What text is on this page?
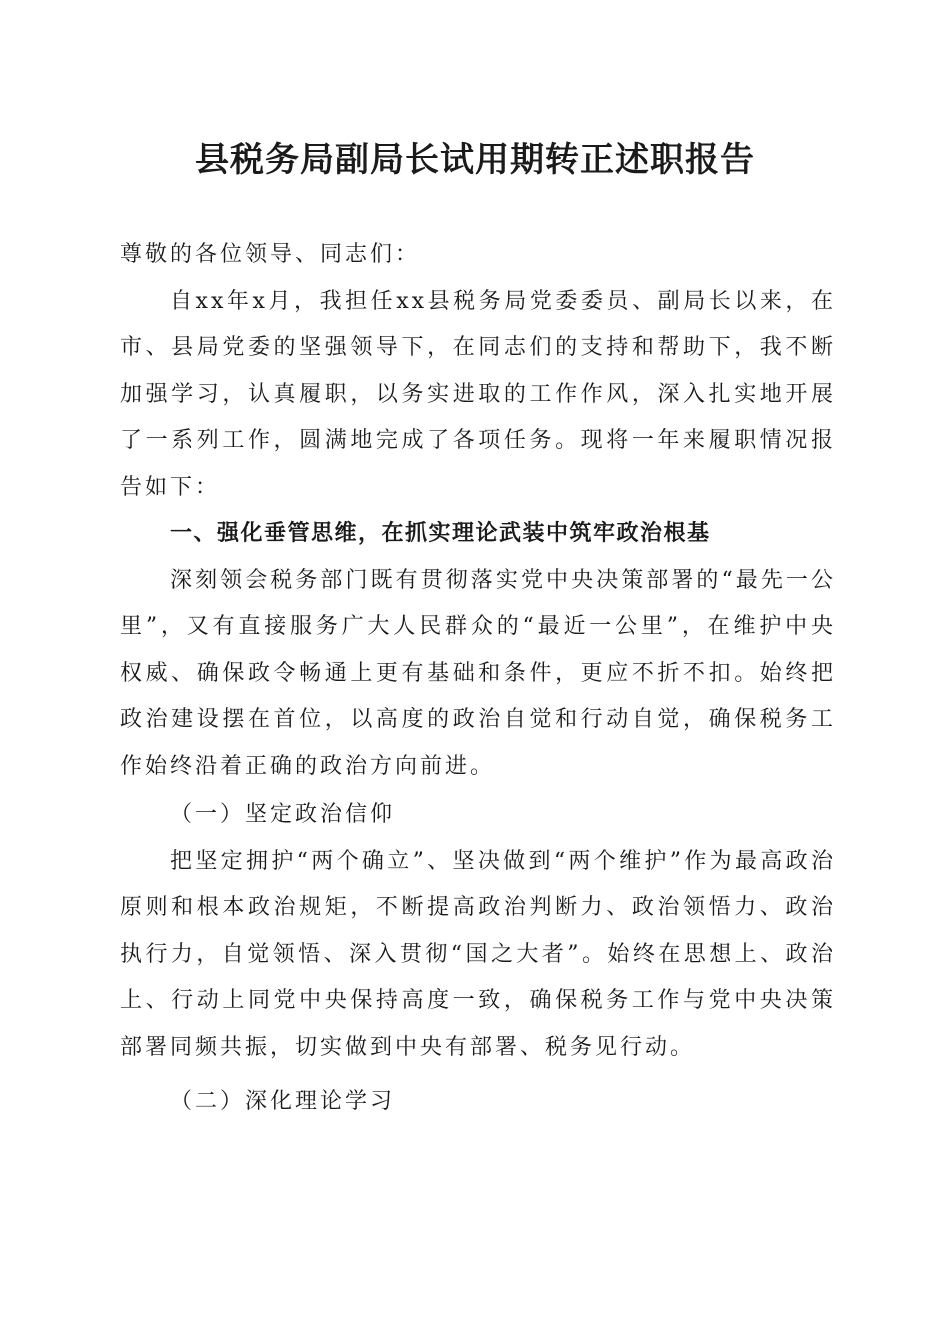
县税务局副局长试用期转正述职报告

尊敬的各位领导、同志们：

自xx年x月，我担任xx县税务局党委委员、副局长以来，在市、县局党委的坚强领导下，在同志们的支持和帮助下，我不断加强学习，认真履职，以务实进取的工作作风，深入扎实地开展了一系列工作，圆满地完成了各项任务。现将一年来履职情况报告如下：

一、强化垂管思维，在抓实理论武装中筑牢政治根基

深刻领会税务部门既有贯彻落实党中央决策部署的“最先一公里”，又有直接服务广大人民群众的“最近一公里”，在维护中央权威、确保政令畅通上更有基础和条件，更应不折不扣。始终把政治建设摆在首位，以高度的政治自觉和行动自觉，确保税务工作始终沿着正确的政治方向前进。

（一）坚定政治信仰

把坚定拥护“两个确立”、坚决做到“两个维护”作为最高政治原则和根本政治规矩，不断提高政治判断力、政治领悟力、政治执行力，自觉领悟、深入贯彻“国之大者”。始终在思想上、政治上、行动上同党中央保持高度一致，确保税务工作与党中央决策部署同频共振，切实做到中央有部署、税务见行动。

（二）深化理论学习
